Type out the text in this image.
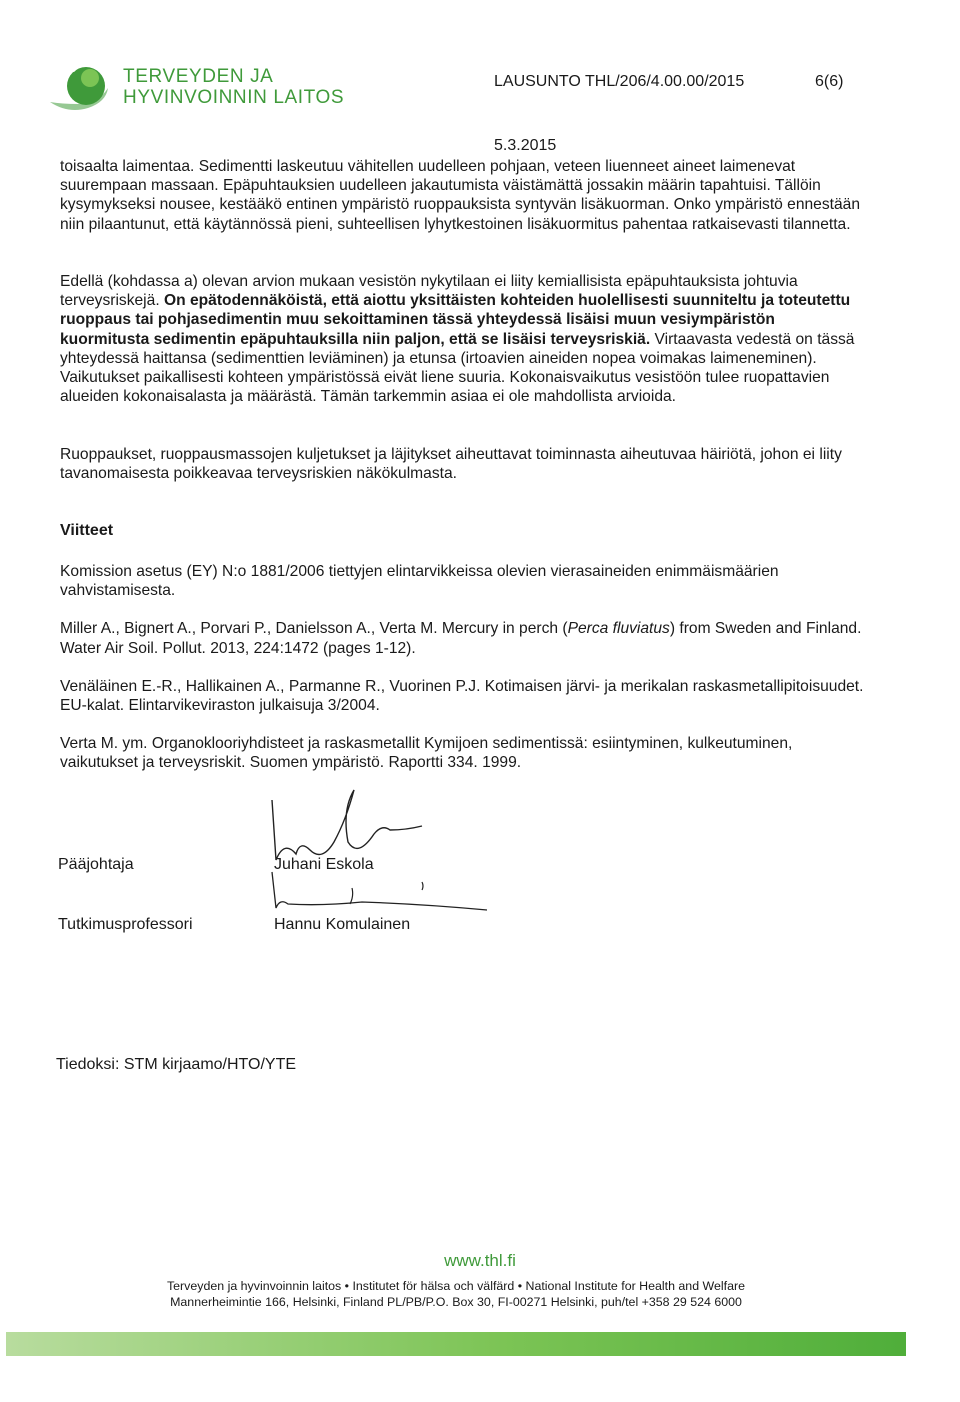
TERVEYDEN JA
HYVINVOINNIN LAITOS
LAUSUNTO THL/206/4.00.00/2015	6(6)
5.3.2015

toisaalta laimentaa. Sedimentti laskeutuu vähitellen uudelleen pohjaan, veteen liuenneet aineet laimenevat suurempaan massaan. Epäpuhtauksien uudelleen jakautumista väistämättä jossakin määrin tapahtuisi. Tällöin kysymykseksi nousee, kestääkö entinen ympäristö ruoppauksista syntyvän lisäkuorman. Onko ympäristö ennestään niin pilaantunut, että käytännössä pieni, suhteellisen lyhytkestoinen lisäkuormitus pahentaa ratkaisevasti tilannetta.

Edellä (kohdassa a) olevan arvion mukaan vesistön nykytilaan ei liity kemiallisista epäpuhtauksista johtuvia terveysriskejä. On epätodennäköistä, että aiottu yksittäisten kohteiden huolellisesti suunniteltu ja toteutettu ruoppaus tai pohjasedimentin muu sekoittaminen tässä yhteydessä lisäisi muun vesiympäristön kuormitusta sedimentin epäpuhtauksilla niin paljon, että se lisäisi terveysriskiä. Virtaavasta vedestä on tässä yhteydessä haittansa (sedimenttien leviäminen) ja etunsa (irtoavien aineiden nopea voimakas laimeneminen). Vaikutukset paikallisesti kohteen ympäristössä eivät liene suuria. Kokonaisvaikutus vesistöön tulee ruopattavien alueiden kokonaisalasta ja määrästä. Tämän tarkemmin asiaa ei ole mahdollista arvioida.

Ruoppaukset, ruoppausmassojen kuljetukset ja läjitykset aiheuttavat toiminnasta aiheutuvaa häiriötä, johon ei liity tavanomaisesta poikkeavaa terveysriskien näkökulmasta.

Viitteet

Komission asetus (EY) N:o 1881/2006 tiettyjen elintarvikkeissa olevien vierasaineiden enimmäismäärien vahvistamisesta.

Miller A., Bignert A., Porvari P., Danielsson A., Verta M. Mercury in perch (Perca fluviatus) from Sweden and Finland. Water Air Soil. Pollut. 2013, 224:1472 (pages 1-12).

Venäläinen E.-R., Hallikainen A., Parmanne R., Vuorinen P.J. Kotimaisen järvi- ja merikalan raskasmetallipitoisuudet. EU-kalat. Elintarvikeviraston julkaisuja 3/2004.

Verta M. ym. Organoklooriyhdisteet ja raskasmetallit Kymijoen sedimentissä: esiintyminen, kulkeutuminen, vaikutukset ja terveysriskit. Suomen ympäristö. Raportti 334. 1999.

Pääjohtaja	Juhani Eskola
Tutkimusprofessori	Hannu Komulainen
Tiedoksi: STM kirjaamo/HTO/YTE
www.thl.fi
Terveyden ja hyvinvoinnin laitos • Institutet för hälsa och välfärd • National Institute for Health and Welfare
Mannerheimintie 166, Helsinki, Finland PL/PB/P.O. Box 30, FI-00271 Helsinki, puh/tel +358 29 524 6000
